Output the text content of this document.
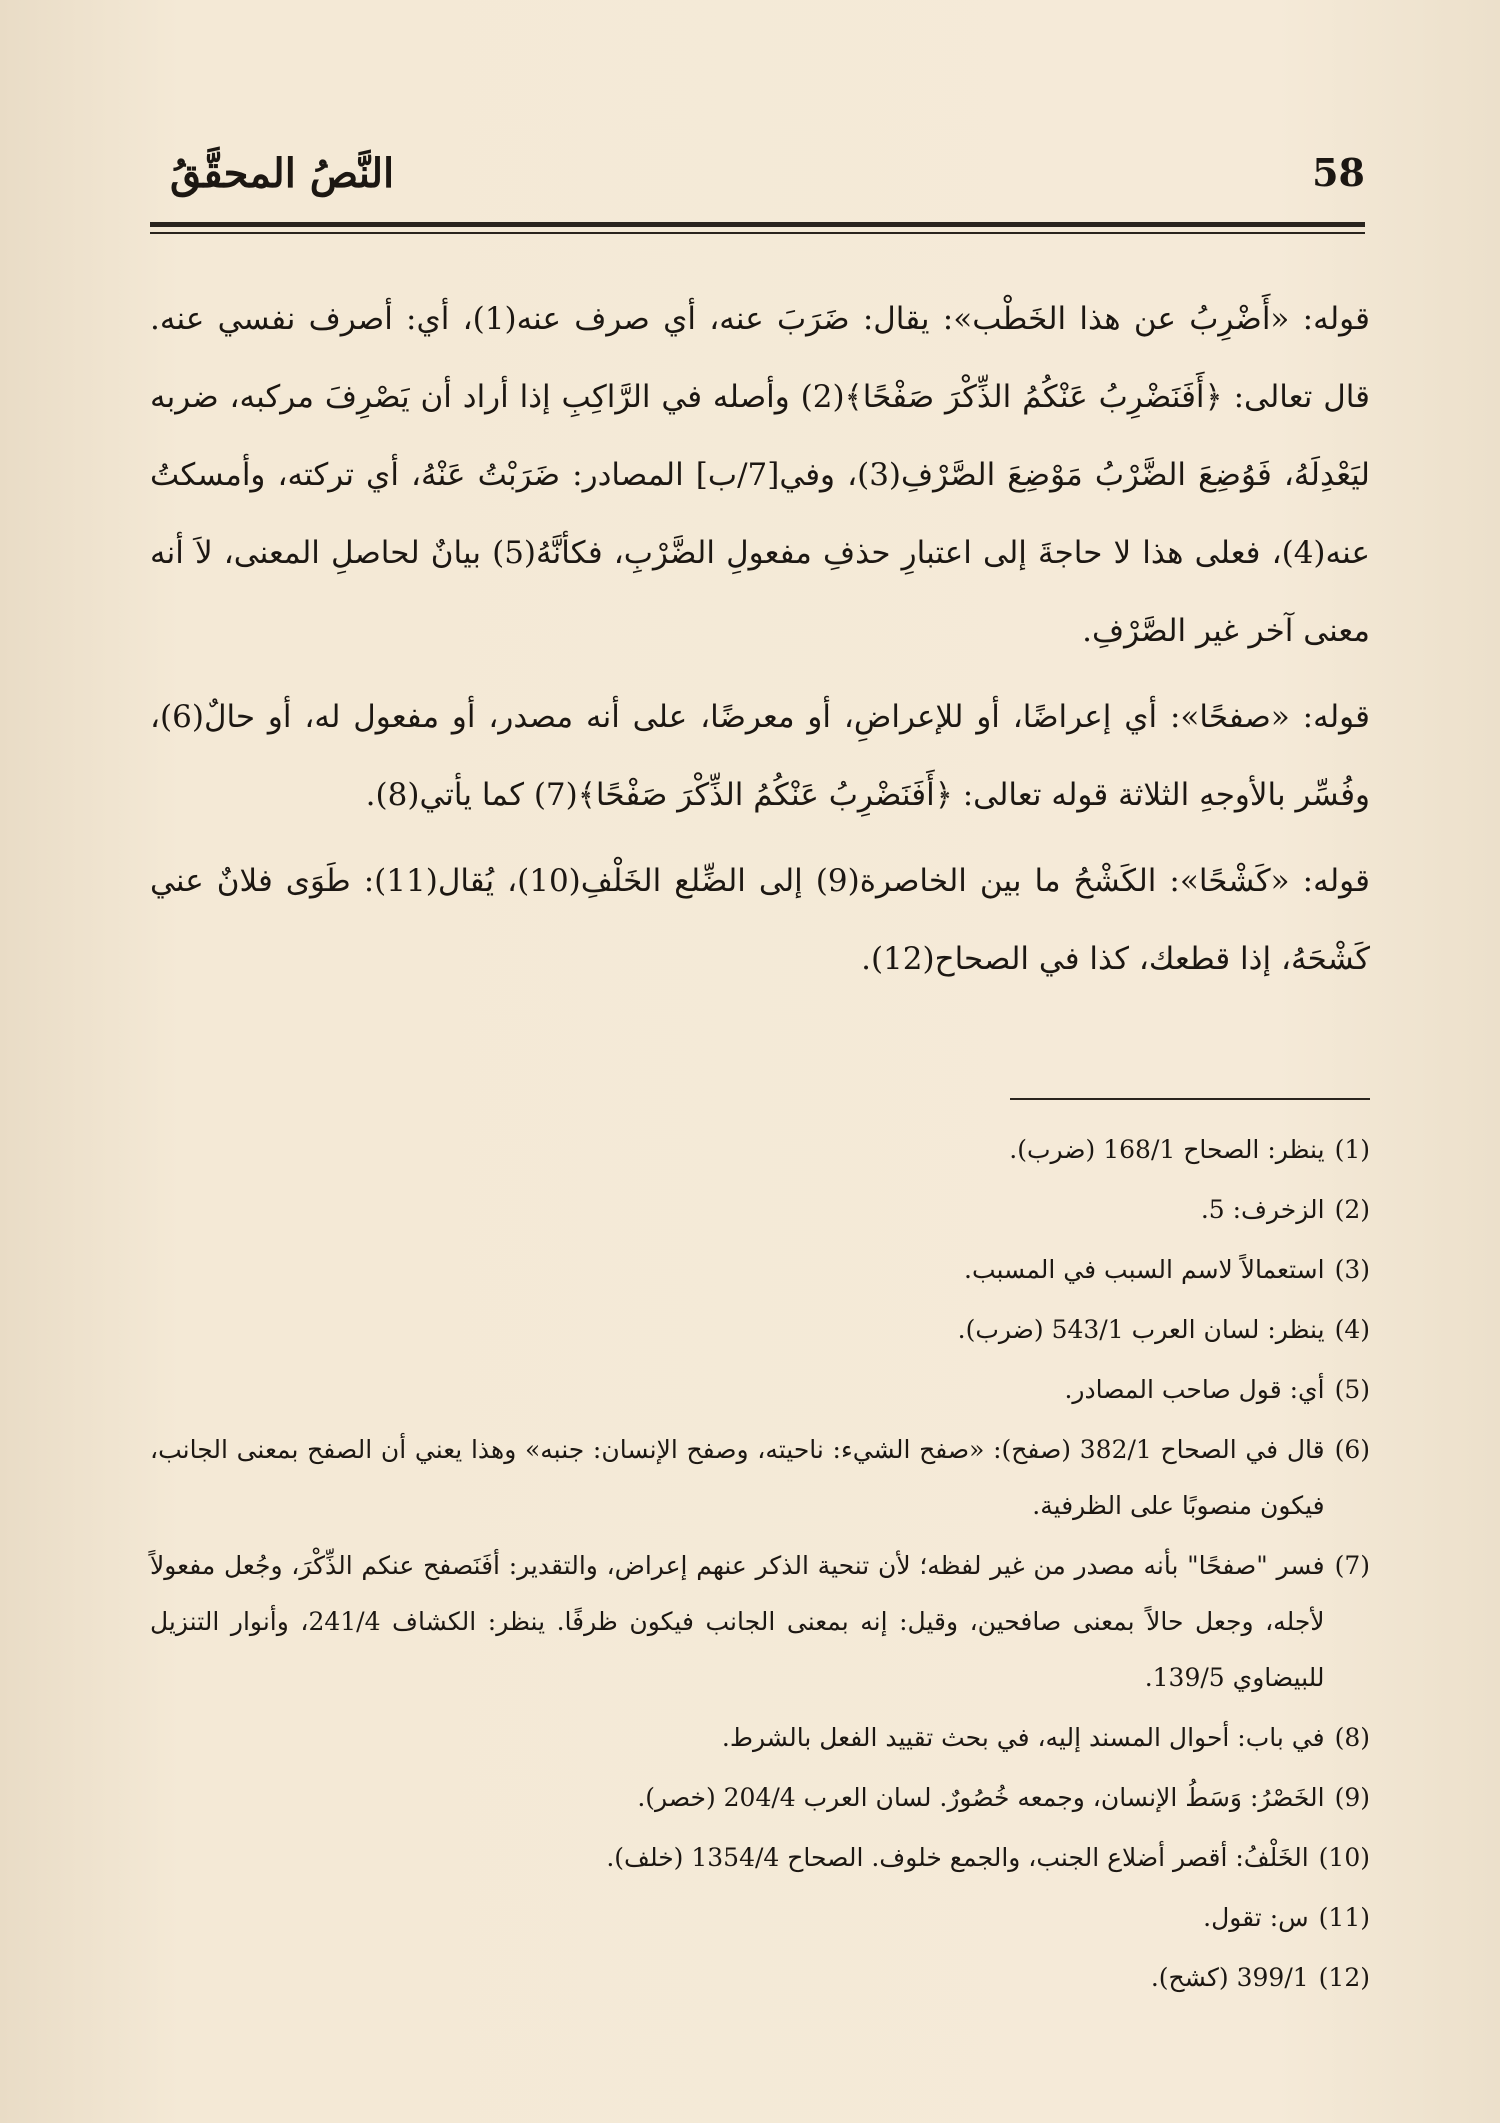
النَّصُ المحقَّقُ	58

قوله: «أَضْرِبُ عن هذا الخَطْب»: يقال: ضَرَبَ عنه، أي صرف عنه(1)، أي: أصرف نفسي عنه. قال تعالى: ﴿أَفَنَضْرِبُ عَنْكُمُ الذِّكْرَ صَفْحًا﴾(2) وأصله في الرَّاكِبِ إذا أراد أن يَصْرِفَ مركبه، ضربه ليَعْدِلَهُ، فَوُضِعَ الضَّرْبُ مَوْضِعَ الصَّرْفِ(3)، وفي[7/ب] المصادر: ضَرَبْتُ عَنْهُ، أي تركته، وأمسكتُ عنه(4)، فعلى هذا لا حاجةَ إلى اعتبارِ حذفِ مفعولِ الضَّرْبِ، فكأنَّهُ(5) بيانٌ لحاصلِ المعنى، لاَ أنه معنى آخر غير الصَّرْفِ.

قوله: «صفحًا»: أي إعراضًا، أو للإعراضِ، أو معرضًا، على أنه مصدر، أو مفعول له، أو حالٌ(6)، وفُسِّر بالأوجهِ الثلاثة قوله تعالى: ﴿أَفَنَضْرِبُ عَنْكُمُ الذِّكْرَ صَفْحًا﴾(7) كما يأتي(8).

قوله: «كَشْحًا»: الكَشْحُ ما بين الخاصرة(9) إلى الضِّلع الخَلْفِ(10)، يُقال(11): طَوَى فلانٌ عني كَشْحَهُ، إذا قطعك، كذا في الصحاح(12).

(1)
ينظر: الصحاح 168/1 (ضرب).
(2)
الزخرف: 5.
(3)
استعمالاً لاسم السبب في المسبب.
(4)
ينظر: لسان العرب 543/1 (ضرب).
(5)
أي: قول صاحب المصادر.
(6)
قال في الصحاح 382/1 (صفح): «صفح الشيء: ناحيته، وصفح الإنسان: جنبه» وهذا يعني أن الصفح بمعنى الجانب، فيكون منصوبًا على الظرفية.
(7)
فسر "صفحًا" بأنه مصدر من غير لفظه؛ لأن تنحية الذكر عنهم إعراض، والتقدير: أفَنَصفح عنكم الذِّكْرَ، وجُعل مفعولاً لأجله، وجعل حالاً بمعنى صافحين، وقيل: إنه بمعنى الجانب فيكون ظرفًا. ينظر: الكشاف 241/4، وأنوار التنزيل للبيضاوي 139/5.
(8)
في باب: أحوال المسند إليه، في بحث تقييد الفعل بالشرط.
(9)
الخَصْرُ: وَسَطُ الإنسان، وجمعه خُصُورٌ. لسان العرب 204/4 (خصر).
(10)
الخَلْفُ: أقصر أضلاع الجنب، والجمع خلوف. الصحاح 1354/4 (خلف).
(11)
س: تقول.
(12)
399/1 (كشح).
